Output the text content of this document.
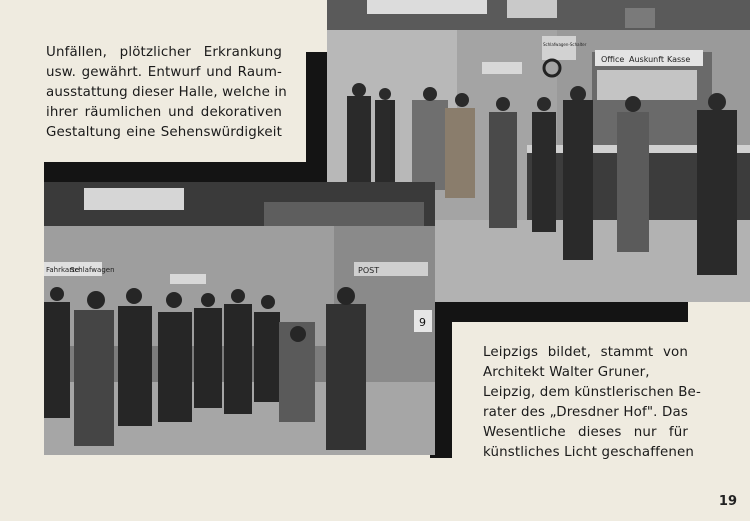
Office Auskunft Kasse
Schlafwagen-Schalter
Fahrkarte
Schlafwagen	POST
9
Unfällen, plötzlicher Erkrankung
usw. gewährt. Entwurf und Raum-
ausstattung dieser Halle, welche in
ihrer räumlichen und dekorativen
Gestaltung eine Sehenswürdigkeit
Leipzigs bildet, stammt von
Architekt Walter Gruner,
Leipzig, dem künstlerischen Be-
rater des „Dresdner Hof". Das
Wesentliche dieses nur für
künstliches Licht geschaffenen
19
